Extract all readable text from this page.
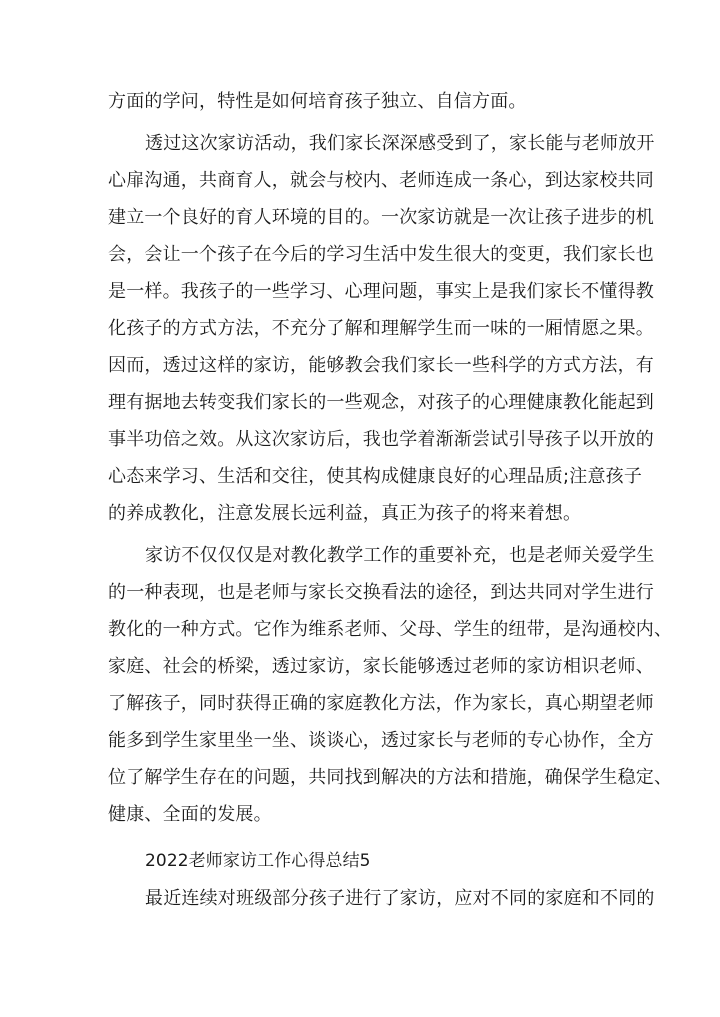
方面的学问，特性是如何培育孩子独立、自信方面。
透过这次家访活动，我们家长深深感受到了，家长能与老师放开
心扉沟通，共商育人，就会与校内、老师连成一条心，到达家校共同
建立一个良好的育人环境的目的。一次家访就是一次让孩子进步的机
会，会让一个孩子在今后的学习生活中发生很大的变更，我们家长也
是一样。我孩子的一些学习、心理问题，事实上是我们家长不懂得教
化孩子的方式方法，不充分了解和理解学生而一味的一厢情愿之果。
因而，透过这样的家访，能够教会我们家长一些科学的方式方法，有
理有据地去转变我们家长的一些观念，对孩子的心理健康教化能起到
事半功倍之效。从这次家访后，我也学着渐渐尝试引导孩子以开放的
心态来学习、生活和交往，使其构成健康良好的心理品质;注意孩子
的养成教化，注意发展长远利益，真正为孩子的将来着想。
家访不仅仅仅是对教化教学工作的重要补充，也是老师关爱学生
的一种表现，也是老师与家长交换看法的途径，到达共同对学生进行
教化的一种方式。它作为维系老师、父母、学生的纽带，是沟通校内、
家庭、社会的桥梁，透过家访，家长能够透过老师的家访相识老师、
了解孩子，同时获得正确的家庭教化方法，作为家长，真心期望老师
能多到学生家里坐一坐、谈谈心，透过家长与老师的专心协作，全方
位了解学生存在的问题，共同找到解决的方法和措施，确保学生稳定、
健康、全面的发展。
2022老师家访工作心得总结5
最近连续对班级部分孩子进行了家访，应对不同的家庭和不同的
